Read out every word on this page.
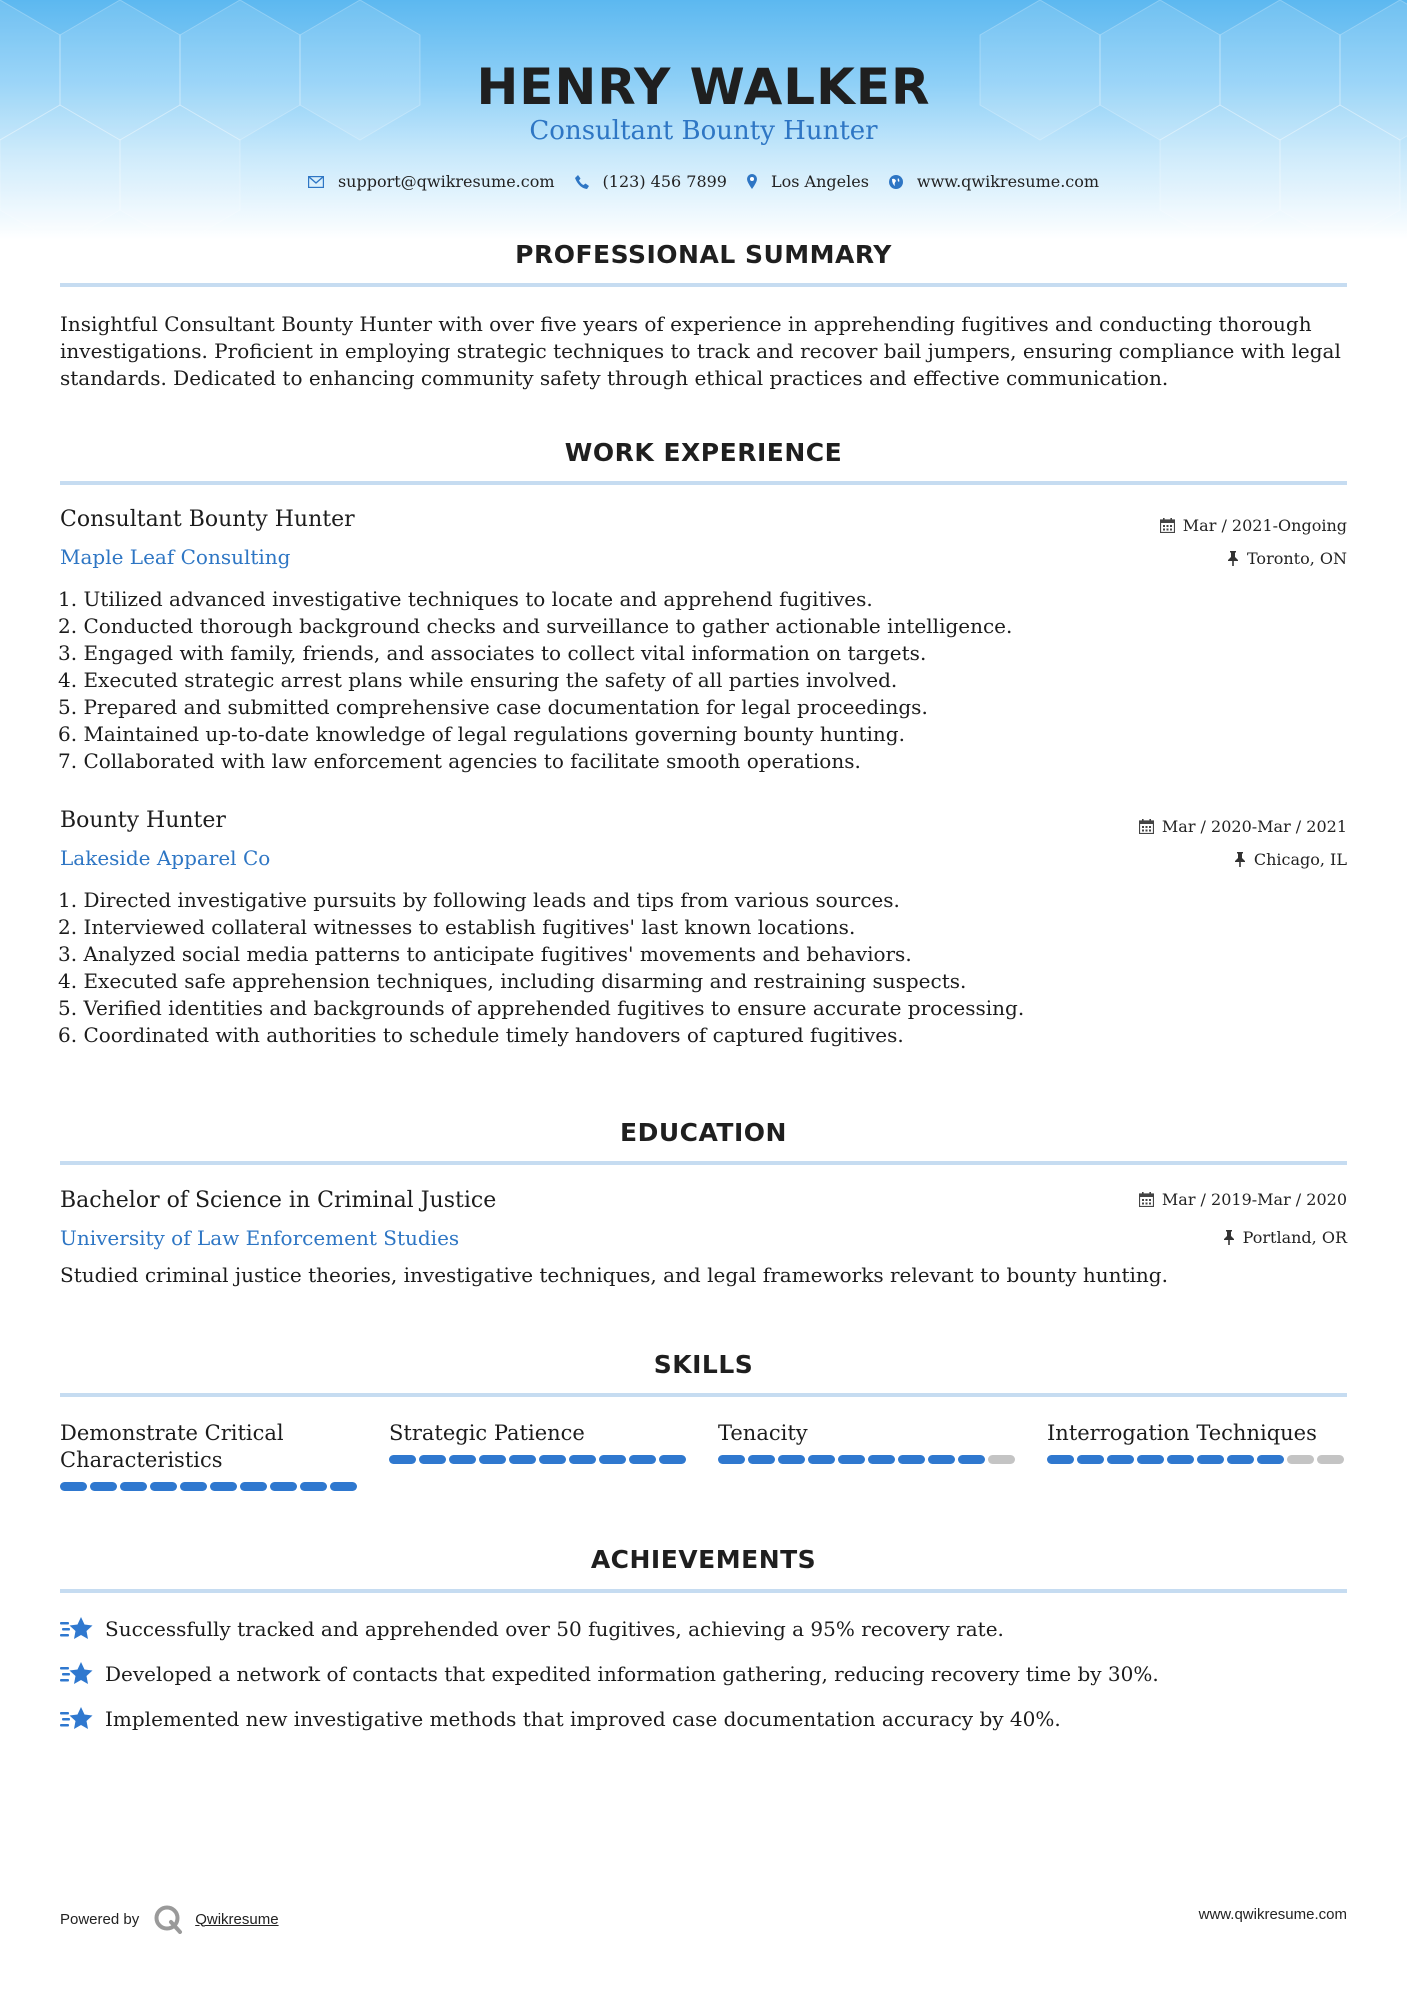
HENRY WALKER
Consultant Bounty Hunter
support@qwikresume.com	(123) 456 7899	Los Angeles	www.qwikresume.com
PROFESSIONAL SUMMARY
Insightful Consultant Bounty Hunter with over five years of experience in apprehending fugitives and conducting thorough investigations. Proficient in employing strategic techniques to track and recover bail jumpers, ensuring compliance with legal standards. Dedicated to enhancing community safety through ethical practices and effective communication.
WORK EXPERIENCE
Consultant Bounty Hunter
Maple Leaf Consulting
Mar / 2021-Ongoing
Toronto, ON
1. Utilized advanced investigative techniques to locate and apprehend fugitives.
2. Conducted thorough background checks and surveillance to gather actionable intelligence.
3. Engaged with family, friends, and associates to collect vital information on targets.
4. Executed strategic arrest plans while ensuring the safety of all parties involved.
5. Prepared and submitted comprehensive case documentation for legal proceedings.
6. Maintained up-to-date knowledge of legal regulations governing bounty hunting.
7. Collaborated with law enforcement agencies to facilitate smooth operations.
Bounty Hunter
Lakeside Apparel Co
Mar / 2020-Mar / 2021
Chicago, IL
1. Directed investigative pursuits by following leads and tips from various sources.
2. Interviewed collateral witnesses to establish fugitives' last known locations.
3. Analyzed social media patterns to anticipate fugitives' movements and behaviors.
4. Executed safe apprehension techniques, including disarming and restraining suspects.
5. Verified identities and backgrounds of apprehended fugitives to ensure accurate processing.
6. Coordinated with authorities to schedule timely handovers of captured fugitives.
EDUCATION
Bachelor of Science in Criminal Justice
University of Law Enforcement Studies
Mar / 2019-Mar / 2020
Portland, OR
Studied criminal justice theories, investigative techniques, and legal frameworks relevant to bounty hunting.
SKILLS
Demonstrate Critical Characteristics
Strategic Patience	Tenacity	Interrogation Techniques
ACHIEVEMENTS
Successfully tracked and apprehended over 50 fugitives, achieving a 95% recovery rate.
Developed a network of contacts that expedited information gathering, reducing recovery time by 30%.
Implemented new investigative methods that improved case documentation accuracy by 40%.
Powered by	Qwikresume	www.qwikresume.com
